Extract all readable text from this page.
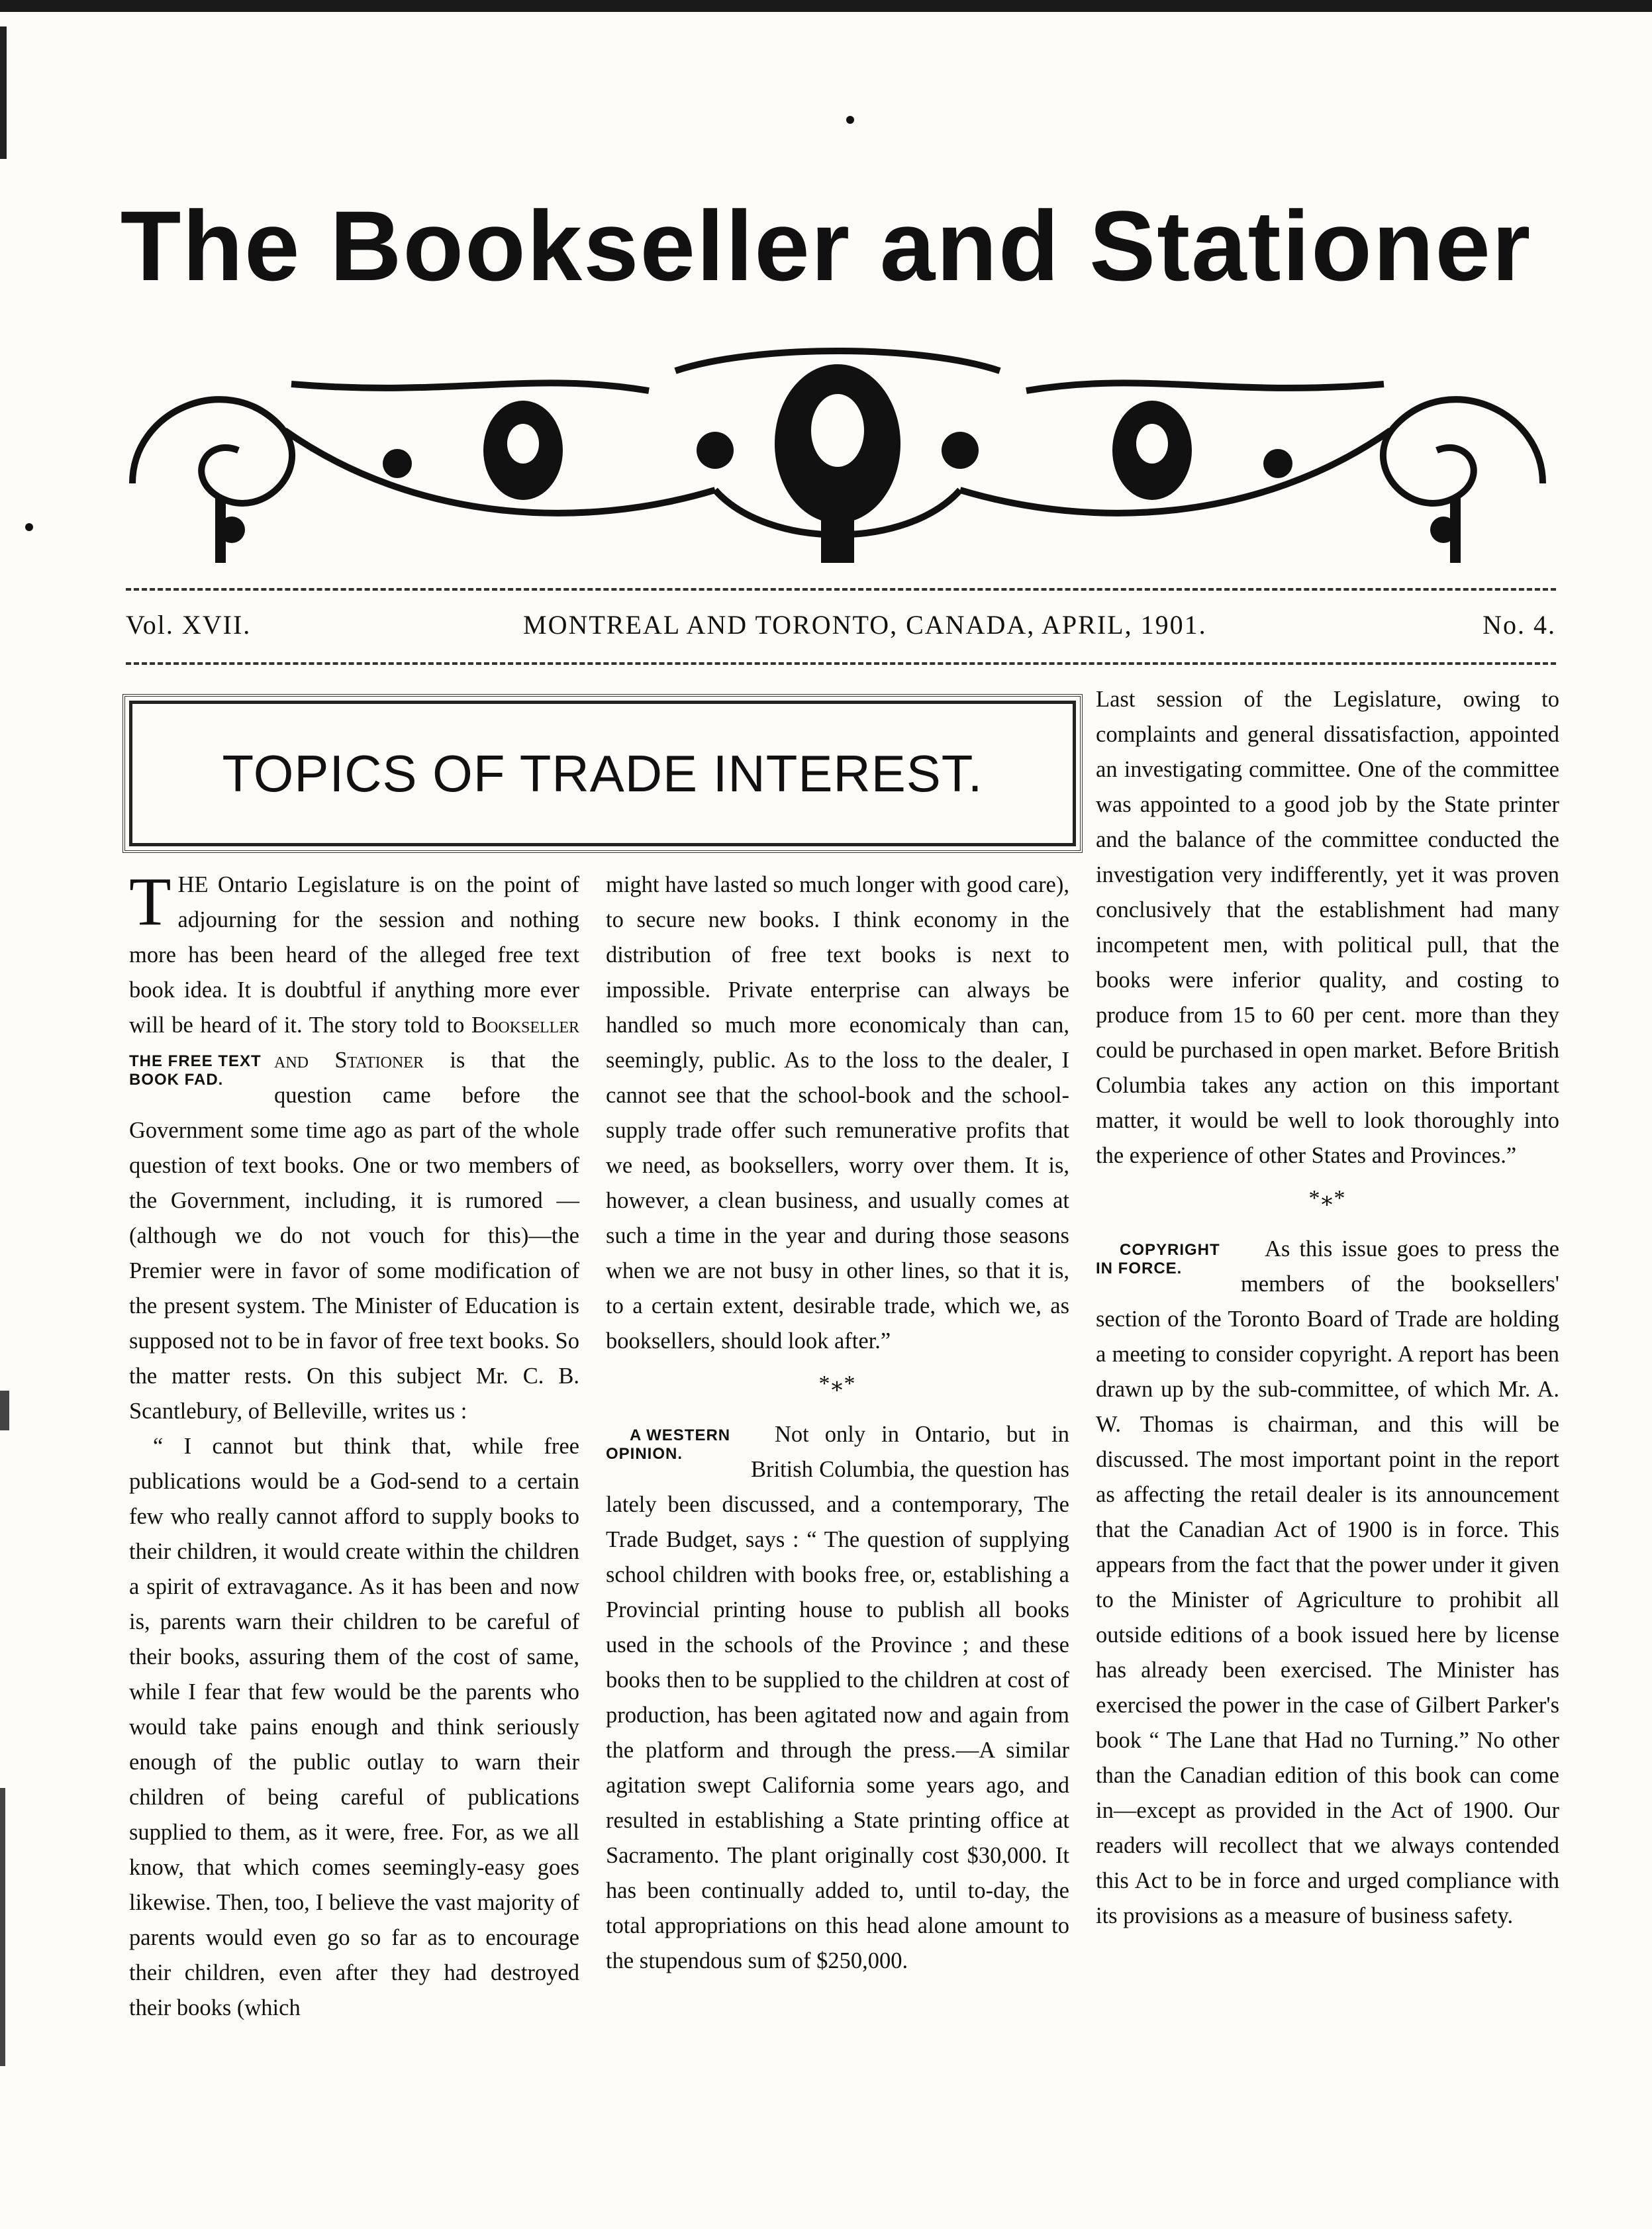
The Bookseller and Stationer
Vol. XVII.	MONTREAL AND TORONTO, CANADA, APRIL, 1901.	No. 4.
TOPICS OF TRADE INTEREST.

THE Ontario Legislature is on the point of adjourning for the session and nothing more has been heard of the alleged free text book idea. It is doubtful if anything more ever will be heard of it. The story told to Bookseller and Stationer
THE FREE TEXT BOOK FAD.
is that the question came before the Government some time ago as part of the whole question of text books. One or two members of the Government, including, it is rumored —(although we do not vouch for this)—the Premier were in favor of some modification of the present system. The Minister of Education is supposed not to be in favor of free text books. So the matter rests. On this subject Mr. C. B. Scantlebury, of Belleville, writes us :

“ I cannot but think that, while free publications would be a God-send to a certain few who really cannot afford to supply books to their children, it would create within the children a spirit of extravagance. As it has been and now is, parents warn their children to be careful of their books, assuring them of the cost of same, while I fear that few would be the parents who would take pains enough and think seriously enough of the public outlay to warn their children of being careful of publications supplied to them, as it were, free. For, as we all know, that which comes seemingly-easy goes likewise. Then, too, I believe the vast majority of parents would even go so far as to encourage their children, even after they had destroyed their books (which

might have lasted so much longer with good care), to secure new books. I think economy in the distribution of free text books is next to impossible. Private enterprise can always be handled so much more economicaly than can, seemingly, public. As to the loss to the dealer, I cannot see that the school-book and the school-supply trade offer such remunerative profits that we need, as booksellers, worry over them. It is, however, a clean business, and usually comes at such a time in the year and during those seasons when we are not busy in other lines, so that it is, to a certain extent, desirable trade, which we, as booksellers, should look after.”

*⁎*

A WESTERN OPINION.
Not only in Ontario, but in British Columbia, the question has lately been discussed, and a contemporary, The Trade Budget, says : “ The question of supplying school children with books free, or, establishing a Provincial printing house to publish all books used in the schools of the Province ; and these books then to be supplied to the children at cost of production, has been agitated now and again from the platform and through the press.—A similar agitation swept California some years ago, and resulted in establishing a State printing office at Sacramento. The plant originally cost $30,000. It has been continually added to, until to-day, the total appropriations on this head alone amount to the stupendous sum of $250,000.

Last session of the Legislature, owing to complaints and general dissatisfaction, appointed an investigating committee. One of the committee was appointed to a good job by the State printer and the balance of the committee conducted the investigation very indifferently, yet it was proven conclusively that the establishment had many incompetent men, with political pull, that the books were inferior quality, and costing to produce from 15 to 60 per cent. more than they could be purchased in open market. Before British Columbia takes any action on this important matter, it would be well to look thoroughly into the experience of other States and Provinces.”

*⁎*

COPYRIGHT IN FORCE.
As this issue goes to press the members of the booksellers' section of the Toronto Board of Trade are holding a meeting to consider copyright. A report has been drawn up by the sub-committee, of which Mr. A. W. Thomas is chairman, and this will be discussed. The most important point in the report as affecting the retail dealer is its announcement that the Canadian Act of 1900 is in force. This appears from the fact that the power under it given to the Minister of Agriculture to prohibit all outside editions of a book issued here by license has already been exercised. The Minister has exercised the power in the case of Gilbert Parker's book “ The Lane that Had no Turning.” No other than the Canadian edition of this book can come in—except as provided in the Act of 1900. Our readers will recollect that we always contended this Act to be in force and urged compliance with its provisions as a measure of business safety.
